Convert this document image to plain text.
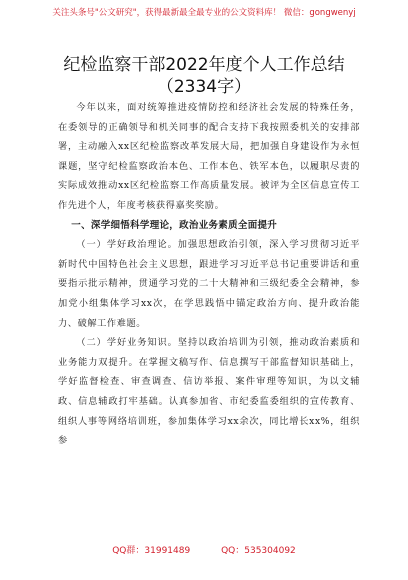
关注头条号"公文研究"，获得最新最全最专业的公文资料库！ 微信：gongwenyj
纪检监察干部2022年度个人工作总结
（2334字）

今年以来，面对统筹推进疫情防控和经济社会发展的特殊任务，在委领导的正确领导和机关同事的配合支持下我按照委机关的安排部署，主动融入xx区纪检监察改革发展大局，把加强自身建设作为永恒课题，坚守纪检监察政治本色、工作本色、铁军本色，以履职尽责的实际成效推动xx区纪检监察工作高质量发展。被评为全区信息宣传工作先进个人，年度考核获得嘉奖奖励。

一、深学细悟科学理论，政治业务素质全面提升

（一）学好政治理论。加强思想政治引领，深入学习贯彻习近平新时代中国特色社会主义思想，跟进学习习近平总书记重要讲话和重要指示批示精神，贯通学习党的二十大精神和三级纪委全会精神，参加党小组集体学习xx次，在学思践悟中锚定政治方向、提升政治能力、破解工作难题。

（二）学好业务知识。坚持以政治培训为引领，推动政治素质和业务能力双提升。在掌握文稿写作、信息撰写干部监督知识基础上，学好监督检查、审查调查、信访举报、案件审理等知识，为以文辅政、信息辅政打牢基础。认真参加省、市纪委监委组织的宣传教育、组织人事等网络培训班，参加集体学习xx余次，同比增长xx%，组织参

QQ群：31991489	QQ：535304092
